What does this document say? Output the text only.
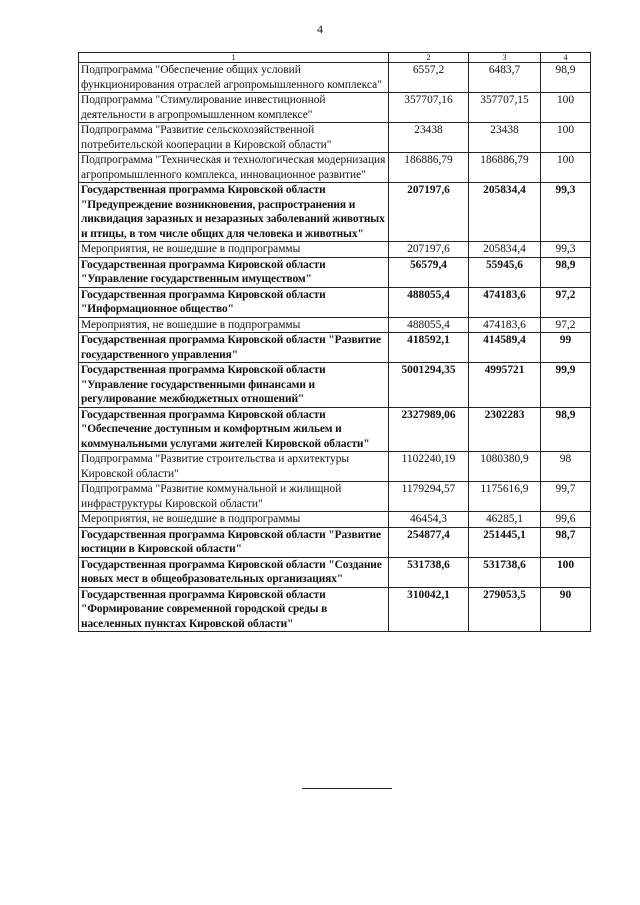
4
1	2	3	4
Подпрограмма "Обеспечение общих условий функционирования отраслей агропромышленного комплекса"	6557,2	6483,7	98,9
Подпрограмма "Стимулирование инвестиционной деятельности в агропромышленном комплексе"	357707,16	357707,15	100
Подпрограмма "Развитие сельскохозяйственной потребительской кооперации в Кировской области"	23438	23438	100
Подпрограмма "Техническая и технологическая модернизация агропромышленного комплекса, инновационное развитие"	186886,79	186886,79	100
Государственная программа Кировской области "Предупреждение возникновения, распространения и ликвидация заразных и незаразных заболеваний животных и птицы, в том числе общих для человека и животных"	207197,6	205834,4	99,3
Мероприятия, не вошедшие в подпрограммы	207197,6	205834,4	99,3
Государственная программа Кировской области "Управление государственным имуществом"	56579,4	55945,6	98,9
Государственная программа Кировской области "Информационное общество"	488055,4	474183,6	97,2
Мероприятия, не вошедшие в подпрограммы	488055,4	474183,6	97,2
Государственная программа Кировской области "Развитие государственного управления"	418592,1	414589,4	99
Государственная программа Кировской области "Управление государственными финансами и регулирование межбюджетных отношений"	5001294,35	4995721	99,9
Государственная программа Кировской области "Обеспечение доступным и комфортным жильем и коммунальными услугами жителей Кировской области"	2327989,06	2302283	98,9
Подпрограмма "Развитие строительства и архитектуры Кировской области"	1102240,19	1080380,9	98
Подпрограмма "Развитие коммунальной и жилищной инфраструктуры Кировской области"	1179294,57	1175616,9	99,7
Мероприятия, не вошедшие в подпрограммы	46454,3	46285,1	99,6
Государственная программа Кировской области "Развитие юстиции в Кировской области"	254877,4	251445,1	98,7
Государственная программа Кировской области "Создание новых мест в общеобразовательных организациях"	531738,6	531738,6	100
Государственная программа Кировской области "Формирование современной городской среды в населенных пунктах Кировской области"	310042,1	279053,5	90
